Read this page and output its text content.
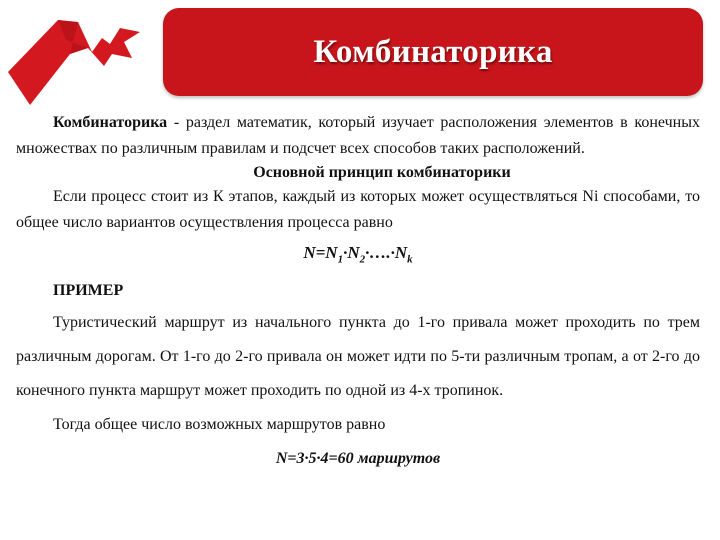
Комбинаторика

Комбинаторика - раздел математик, который изучает расположения элементов в конечных множествах по различным правилам и подсчет всех способов таких расположений.

Основной принцип комбинаторики

Если процесс стоит из К этапов, каждый из которых может осуществляться Ni способами, то общее число вариантов осуществления процесса равно

$N=N_1\cdot N_2\cdot\dots.\cdot N_k$

ПРИМЕР

Туристический маршрут из начального пункта до 1-го привала может проходить по трем различным дорогам. От 1-го до 2-го привала он может идти по 5-ти различным тропам, а от 2-го до конечного пункта маршрут может проходить по одной из 4-х тропинок.

Тогда общее число возможных маршрутов равно

N=3·5·4=60 маршрутов
